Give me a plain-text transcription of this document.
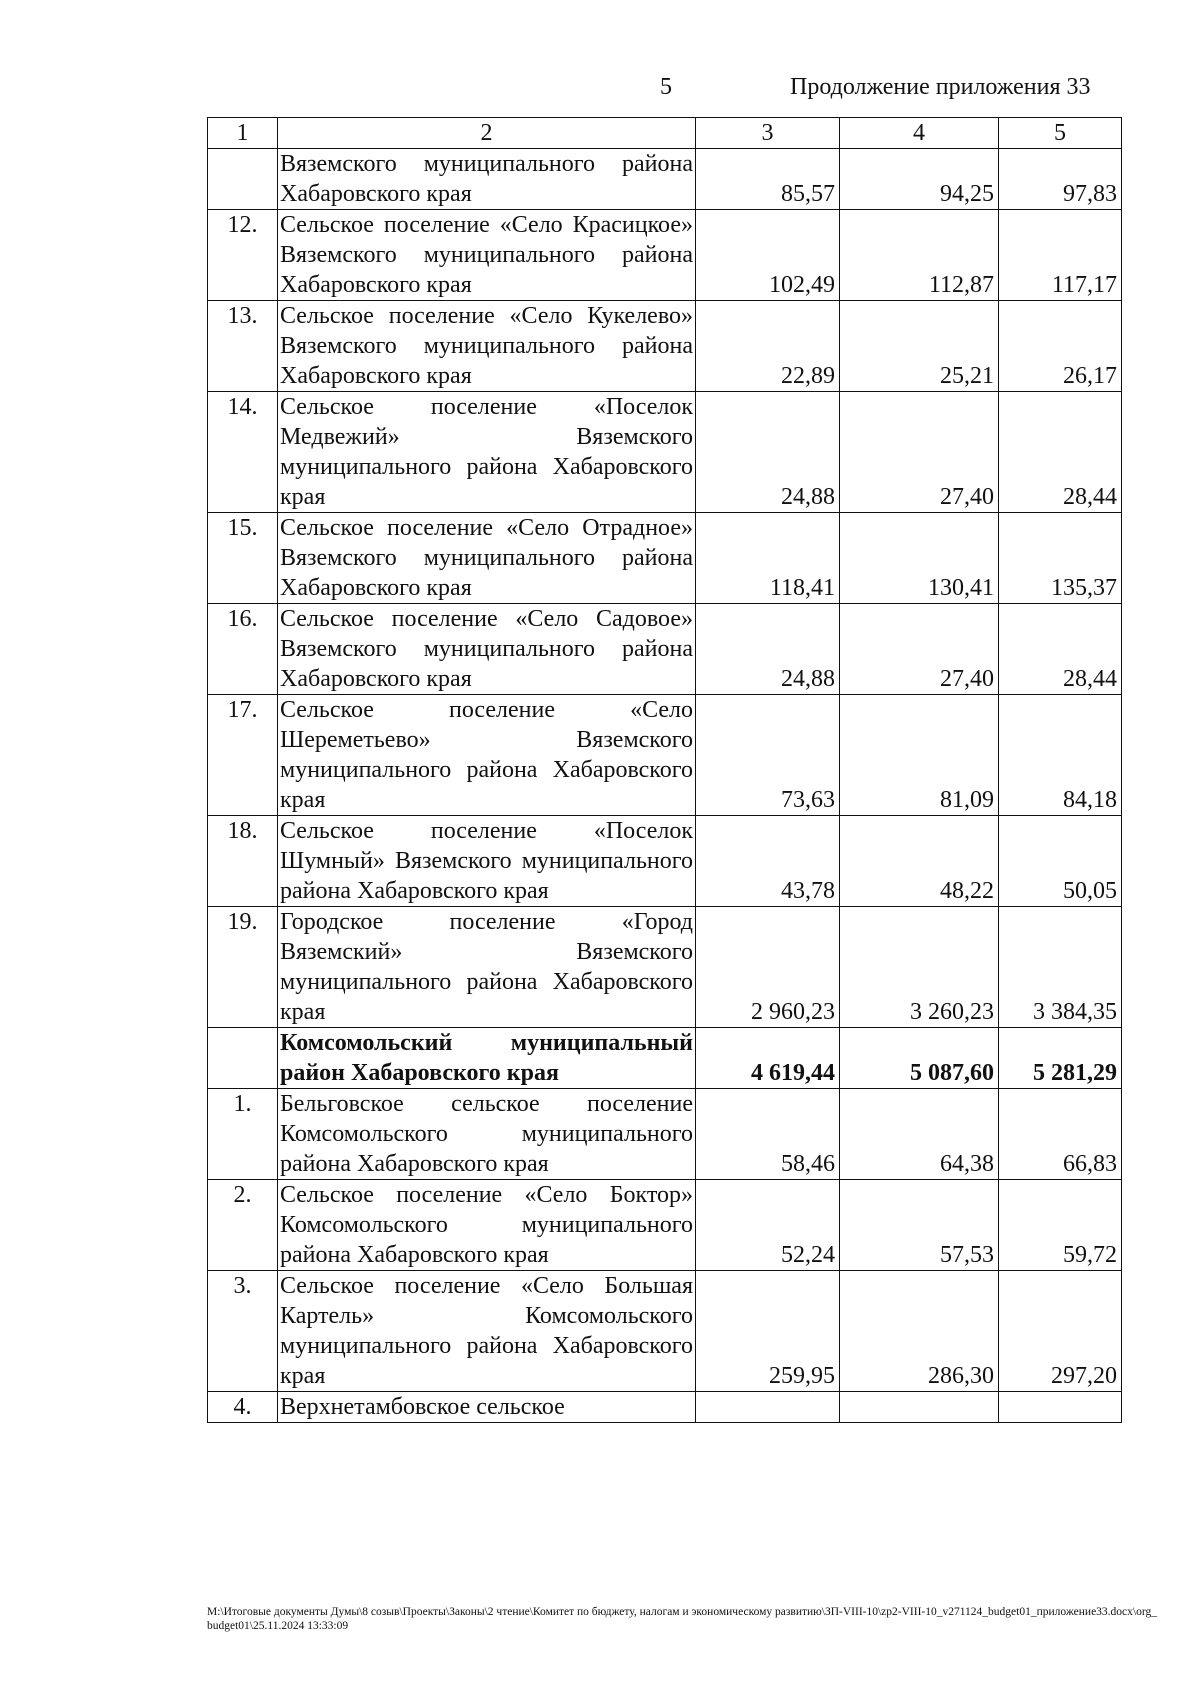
5	Продолжение приложения 33
1	2	3	4	5
	Вяземского муниципального района Хабаровского края	85,57	94,25	97,83
12.	Сельское поселение «Село Красицкое» Вяземского муниципального района Хабаровского края	102,49	112,87	117,17
13.	Сельское поселение «Село Кукелево» Вяземского муниципального района Хабаровского края	22,89	25,21	26,17
14.	Сельское поселение «Поселок Медвежий» Вяземского муниципального района Хабаровского края	24,88	27,40	28,44
15.	Сельское поселение «Село Отрадное» Вяземского муниципального района Хабаровского края	118,41	130,41	135,37
16.	Сельское поселение «Село Садовое» Вяземского муниципального района Хабаровского края	24,88	27,40	28,44
17.	Сельское поселение «Село Шереметьево» Вяземского муниципального района Хабаровского края	73,63	81,09	84,18
18.	Сельское поселение «Поселок Шумный» Вяземского муниципального района Хабаровского края	43,78	48,22	50,05
19.	Городское поселение «Город Вяземский» Вяземского муниципального района Хабаровского края	2 960,23	3 260,23	3 384,35
	Комсомольский муниципальный район Хабаровского края	4 619,44	5 087,60	5 281,29
1.	Бельговское сельское поселение Комсомольского муниципального района Хабаровского края	58,46	64,38	66,83
2.	Сельское поселение «Село Боктор» Комсомольского муниципального района Хабаровского края	52,24	57,53	59,72
3.	Сельское поселение «Село Большая Картель» Комсомольского муниципального района Хабаровского края	259,95	286,30	297,20
4.	Верхнетамбовское сельское			
M:\Итоговые документы Думы\8 созыв\Проекты\Законы\2 чтение\Комитет по бюджету, налогам и экономическому развитию\ЗП-VIII-10\zp2-VIII-10_v271124_budget01_приложение33.docx\org_budget01\25.11.2024 13:33:09
